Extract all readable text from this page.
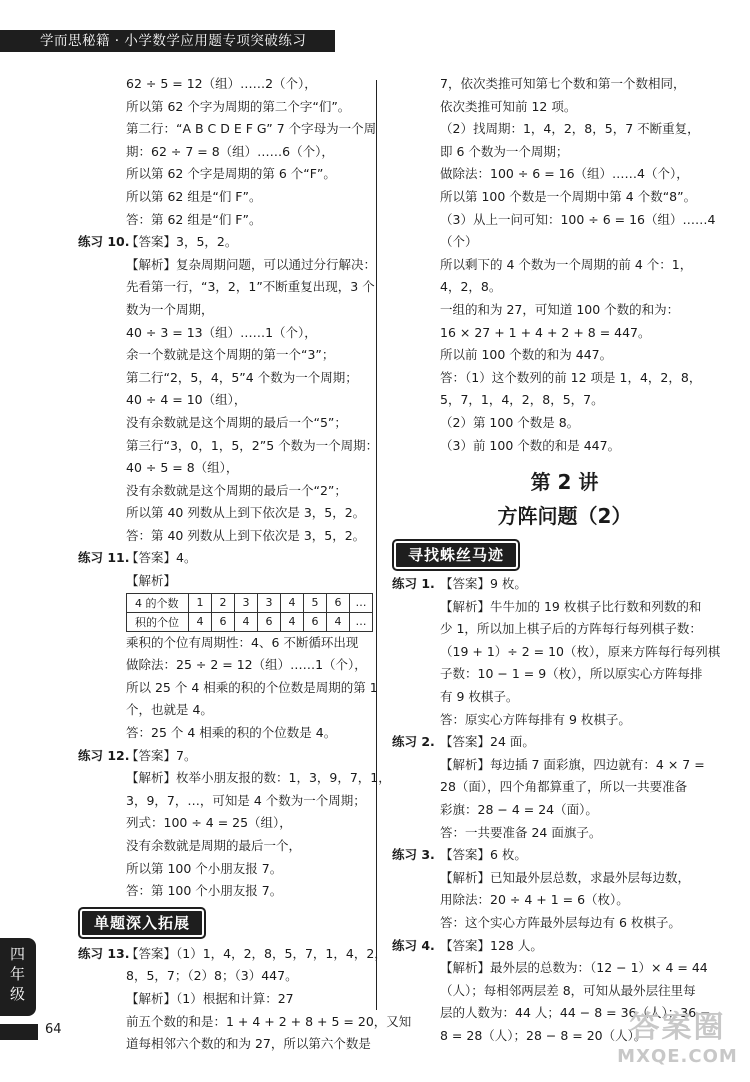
学而思秘籍 · 小学数学应用题专项突破练习
62 ÷ 5 = 12（组）……2（个），
所以第 62 个字为周期的第二个字“们”。
第二行：“A B C D E F G” 7 个字母为一个周
期：62 ÷ 7 = 8（组）……6（个），
所以第 62 个字是周期的第 6 个“F”。
所以第 62 组是“们 F”。
答：第 62 组是“们 F”。
练习 10.
【答案】3，5，2。
【解析】复杂周期问题，可以通过分行解决：
先看第一行，“3，2，1”不断重复出现，3 个
数为一个周期，
40 ÷ 3 = 13（组）……1（个），
余一个数就是这个周期的第一个“3”；
第二行“2，5，4，5”4 个数为一个周期；
40 ÷ 4 = 10（组），
没有余数就是这个周期的最后一个“5”；
第三行“3，0，1，5，2”5 个数为一个周期：
40 ÷ 5 = 8（组），
没有余数就是这个周期的最后一个“2”；
所以第 40 列数从上到下依次是 3，5，2。
答：第 40 列数从上到下依次是 3，5，2。
练习 11.
【答案】4。
【解析】
4 的个数	1	2	3	3	4	5	6	…
积的个位	4	6	4	6	4	6	4	…
乘积的个位有周期性：4、6 不断循环出现
做除法：25 ÷ 2 = 12（组）……1（个），
所以 25 个 4 相乘的积的个位数是周期的第 1
个，也就是 4。
答：25 个 4 相乘的积的个位数是 4。
练习 12.
【答案】7。
【解析】枚举小朋友报的数：1，3，9，7，1，
3，9，7，…，可知是 4 个数为一个周期；
列式：100 ÷ 4 = 25（组），
没有余数就是周期的最后一个，
所以第 100 个小朋友报 7。
答：第 100 个小朋友报 7。
单题深入拓展
练习 13.
【答案】（1）1，4，2，8，5，7，1，4，2，
8，5，7；（2）8；（3）447。
【解析】（1）根据和计算：27
前五个数的和是：1 + 4 + 2 + 8 + 5 = 20，又知
道每相邻六个数的和为 27，所以第六个数是
7，依次类推可知第七个数和第一个数相同，
依次类推可知前 12 项。
（2）找周期：1，4，2，8，5，7 不断重复，
即 6 个数为一个周期；
做除法：100 ÷ 6 = 16（组）……4（个），
所以第 100 个数是一个周期中第 4 个数“8”。
（3）从上一问可知：100 ÷ 6 = 16（组）……4
（个）
所以剩下的 4 个数为一个周期的前 4 个：1，
4，2，8。
一组的和为 27，可知道 100 个数的和为：
16 × 27 + 1 + 4 + 2 + 8 = 447。
所以前 100 个数的和为 447。
答：（1）这个数列的前 12 项是 1，4，2，8，
5，7，1，4，2，8，5，7。
（2）第 100 个数是 8。
（3）前 100 个数的和是 447。
第 2 讲
方阵问题（2）
寻找蛛丝马迹
练习 1. 【答案】9 枚。
【解析】牛牛加的 19 枚棋子比行数和列数的和
少 1，所以加上棋子后的方阵每行每列棋子数：
（19 + 1）÷ 2 = 10（枚），原来方阵每行每列棋
子数：10 − 1 = 9（枚），所以原实心方阵每排
有 9 枚棋子。
答：原实心方阵每排有 9 枚棋子。
练习 2. 【答案】24 面。
【解析】每边插 7 面彩旗，四边就有：4 × 7 =
28（面），四个角都算重了，所以一共要准备
彩旗：28 − 4 = 24（面）。
答：一共要准备 24 面旗子。
练习 3. 【答案】6 枚。
【解析】已知最外层总数，求最外层每边数，
用除法：20 ÷ 4 + 1 = 6（枚）。
答：这个实心方阵最外层每边有 6 枚棋子。
练习 4. 【答案】128 人。
【解析】最外层的总数为：（12 − 1）× 4 = 44
（人）；每相邻两层差 8，可知从最外层往里每
层的人数为：44 人；44 − 8 = 36（人）；36 −
8 = 28（人）；28 − 8 = 20（人）。
四
年
级
64	答案圈
MXQE.COM
